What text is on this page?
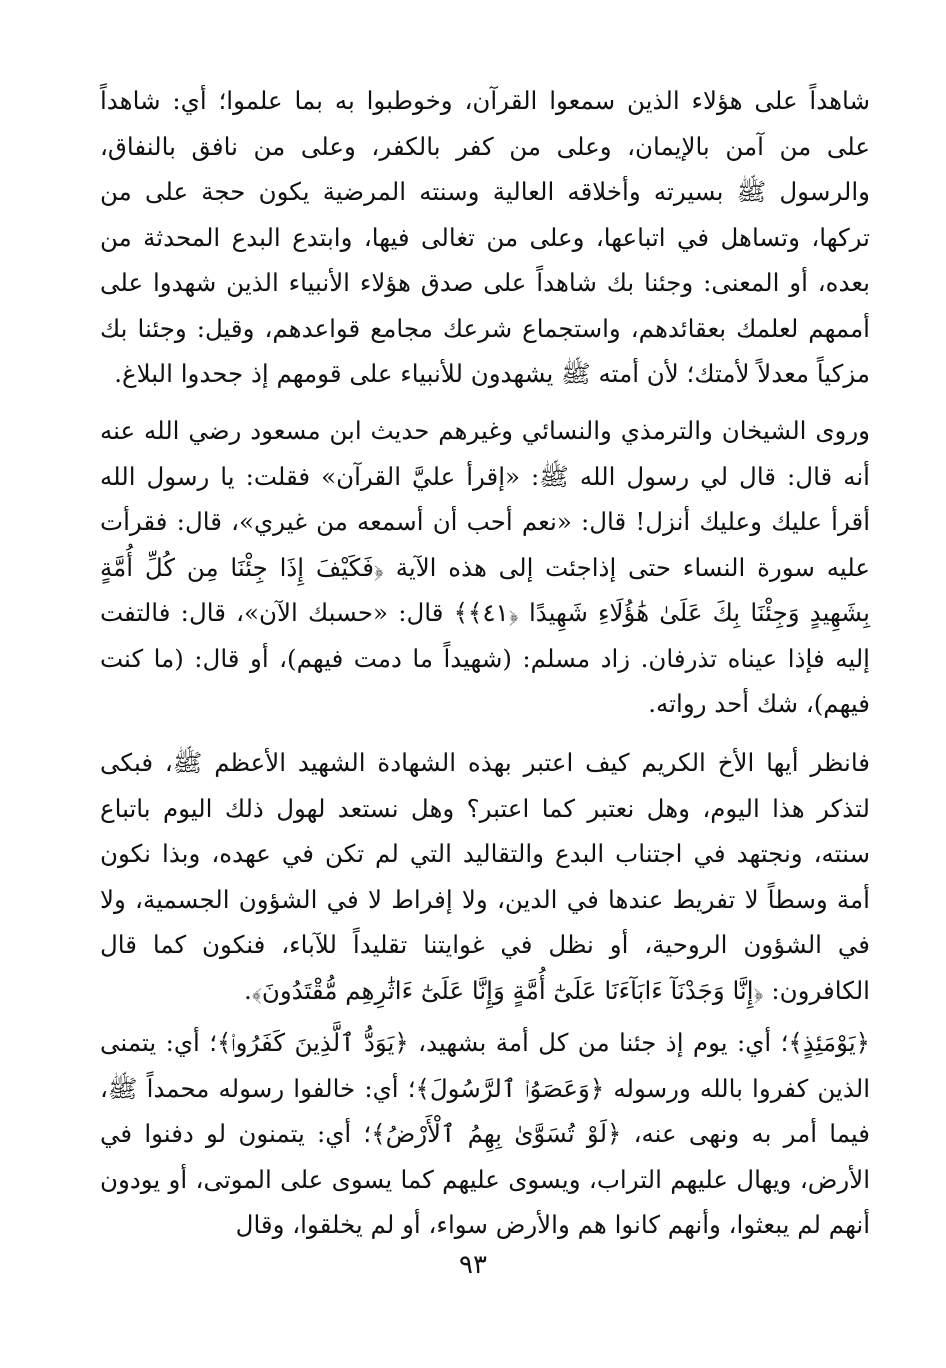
شاهداً على هؤلاء الذين سمعوا القرآن، وخوطبوا به بما علموا؛ أي: شاهداً على من آمن بالإيمان، وعلى من كفر بالكفر، وعلى من نافق بالنفاق، والرسول ﷺ بسيرته وأخلاقه العالية وسنته المرضية يكون حجة على من تركها، وتساهل في اتباعها، وعلى من تغالى فيها، وابتدع البدع المحدثة من بعده، أو المعنى: وجئنا بك شاهداً على صدق هؤلاء الأنبياء الذين شهدوا على أممهم لعلمك بعقائدهم، واستجماع شرعك مجامع قواعدهم، وقيل: وجئنا بك مزكياً معدلاً لأمتك؛ لأن أمته ﷺ يشهدون للأنبياء على قومهم إذ جحدوا البلاغ.

وروى الشيخان والترمذي والنسائي وغيرهم حديث ابن مسعود رضي الله عنه أنه قال: قال لي رسول الله ﷺ: «إقرأ عليَّ القرآن» فقلت: يا رسول الله أقرأ عليك وعليك أنزل! قال: «نعم أحب أن أسمعه من غيري»، قال: فقرأت عليه سورة النساء حتى إذاجئت إلى هذه الآية ﴿فَكَيْفَ إِذَا جِئْنَا مِن كُلِّ أُمَّةٍ بِشَهِيدٍ وَجِئْنَا بِكَ عَلَىٰ هَٰؤُلَاءِ شَهِيدًا ﴿٤١﴾﴾ قال: «حسبك الآن»، قال: فالتفت إليه فإذا عيناه تذرفان. زاد مسلم: (شهيداً ما دمت فيهم)، أو قال: (ما كنت فيهم)، شك أحد رواته.

فانظر أيها الأخ الكريم كيف اعتبر بهذه الشهادة الشهيد الأعظم ﷺ، فبكى لتذكر هذا اليوم، وهل نعتبر كما اعتبر؟ وهل نستعد لهول ذلك اليوم باتباع سنته، ونجتهد في اجتناب البدع والتقاليد التي لم تكن في عهده، وبذا نكون أمة وسطاً لا تفريط عندها في الدين، ولا إفراط لا في الشؤون الجسمية، ولا في الشؤون الروحية، أو نظل في غوايتنا تقليداً للآباء، فنكون كما قال الكافرون: ﴿إِنَّا وَجَدْنَآ ءَابَآءَنَا عَلَىٰٓ أُمَّةٍ وَإِنَّا عَلَىٰٓ ءَاثَٰرِهِم مُّقْتَدُونَ﴾.

﴿يَوْمَئِذٍ﴾؛ أي: يوم إذ جئنا من كل أمة بشهيد، ﴿يَوَدُّ ٱلَّذِينَ كَفَرُوا۟﴾؛ أي: يتمنى الذين كفروا بالله ورسوله ﴿وَعَصَوُا۟ ٱلرَّسُولَ﴾؛ أي: خالفوا رسوله محمداً ﷺ، فيما أمر به ونهى عنه، ﴿لَوْ تُسَوَّىٰ بِهِمُ ٱلْأَرْضُ﴾؛ أي: يتمنون لو دفنوا في الأرض، ويهال عليهم التراب، ويسوى عليهم كما يسوى على الموتى، أو يودون أنهم لم يبعثوا، وأنهم كانوا هم والأرض سواء، أو لم يخلقوا، وقال

٩٣
